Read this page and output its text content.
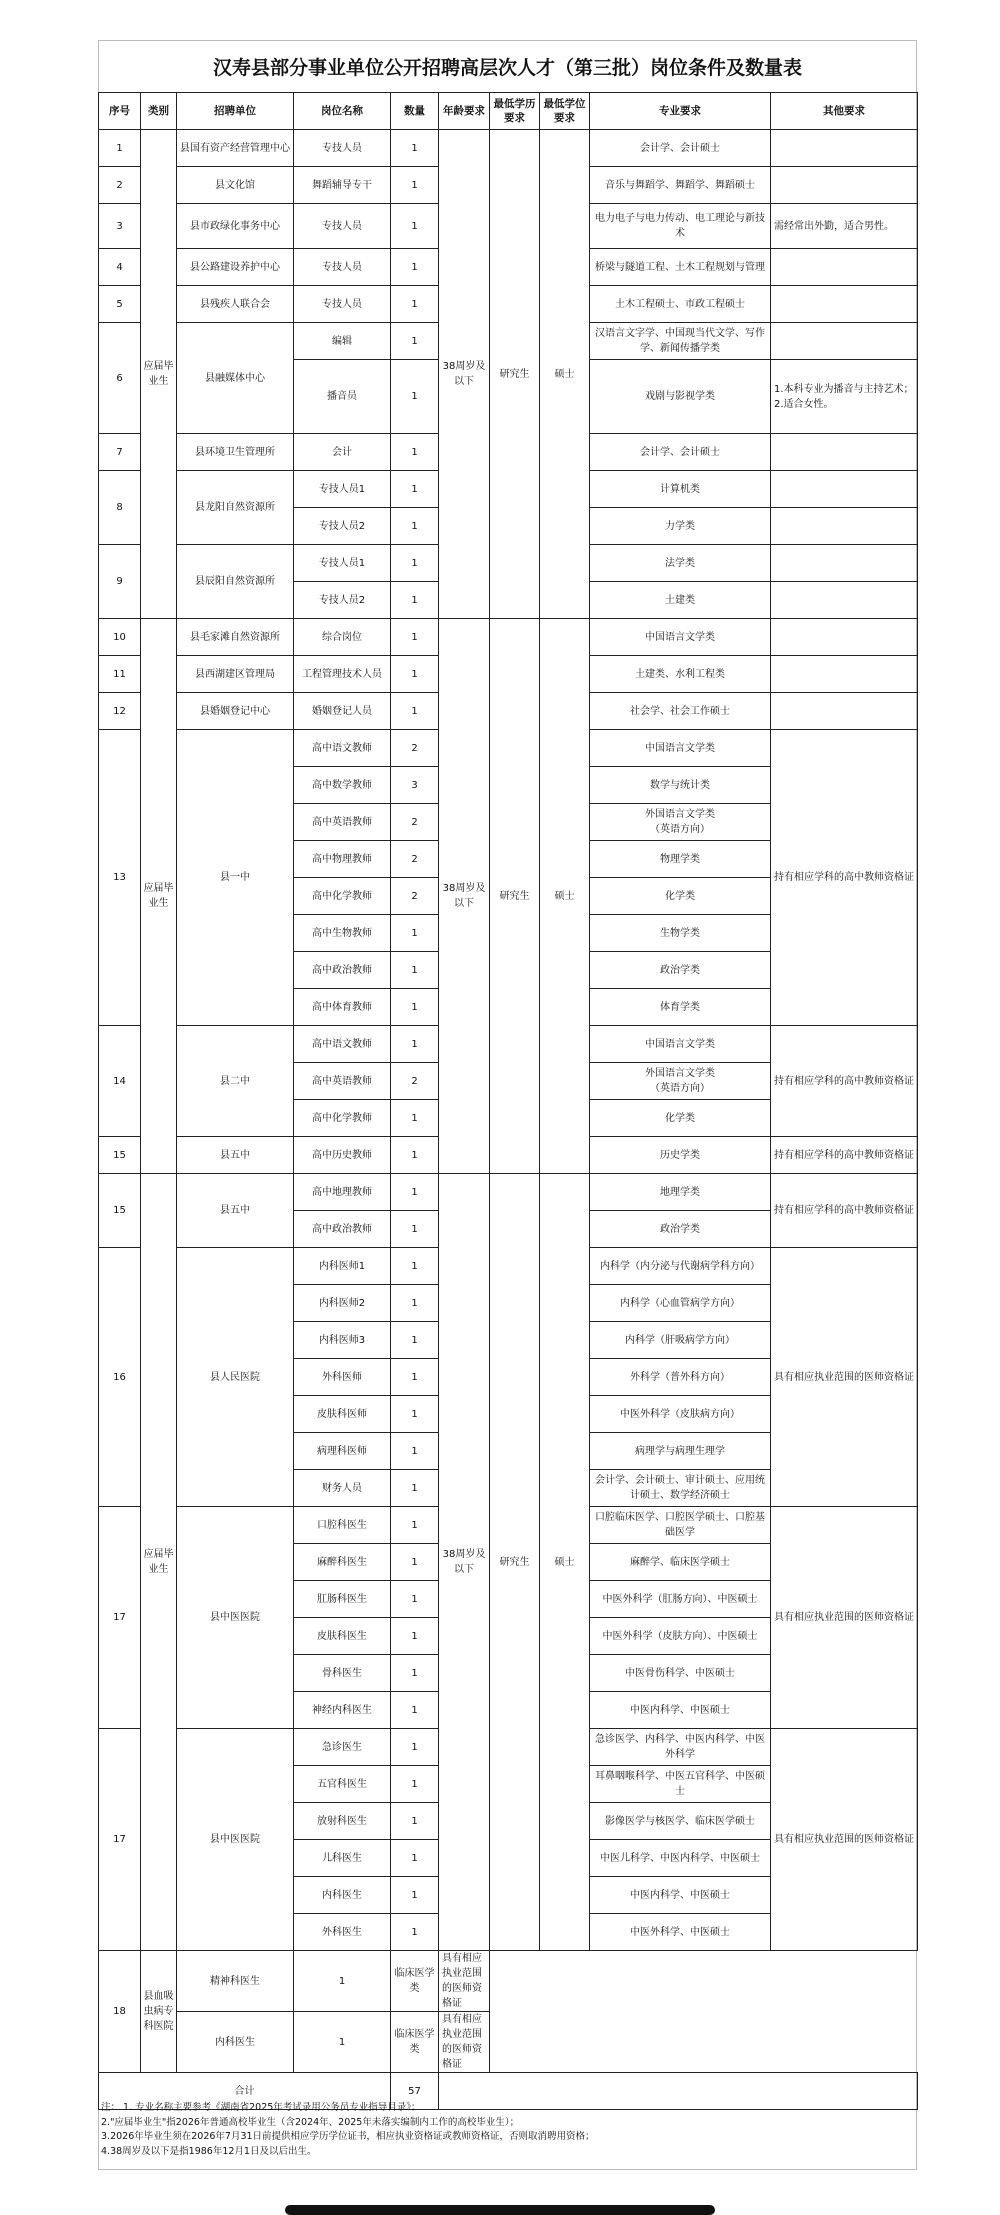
汉寿县部分事业单位公开招聘高层次人才（第三批）岗位条件及数量表
序号	类别	招聘单位	岗位名称	数量	年龄要求	最低学历要求	最低学位要求	专业要求	其他要求
1	应届毕业生	县国有资产经营管理中心	专技人员	1	38周岁及以下	研究生	硕士	会计学、会计硕士	
2		县文化馆	舞蹈辅导专干	1				音乐与舞蹈学、舞蹈学、舞蹈硕士	
3		县市政绿化事务中心	专技人员	1				电力电子与电力传动、电工理论与新技术	需经常出外勤，适合男性。
4		县公路建设养护中心	专技人员	1				桥梁与隧道工程、土木工程规划与管理	
5		县残疾人联合会	专技人员	1				土木工程硕士、市政工程硕士	
6		县融媒体中心	编辑	1				汉语言文字学、中国现当代文学、写作学、新闻传播学类	
			播音员	1				戏剧与影视学类	1.本科专业为播音与主持艺术；
2.适合女性。
7		县环境卫生管理所	会计	1				会计学、会计硕士	
8		县龙阳自然资源所	专技人员1	1				计算机类	
			专技人员2	1				力学类	
9		县辰阳自然资源所	专技人员1	1				法学类	
			专技人员2	1				土建类	
10	应届毕业生	县毛家滩自然资源所	综合岗位	1	38周岁及以下	研究生	硕士	中国语言文学类	
11		县西湖建区管理局	工程管理技术人员	1				土建类、水利工程类	
12		县婚姻登记中心	婚姻登记人员	1				社会学、社会工作硕士	
13		县一中	高中语文教师	2				中国语言文学类	持有相应学科的高中教师资格证
			高中数学教师	3				数学与统计类	
			高中英语教师	2				外国语言文学类
（英语方向）	
			高中物理教师	2				物理学类	
			高中化学教师	2				化学类	
			高中生物教师	1				生物学类	
			高中政治教师	1				政治学类	
			高中体育教师	1				体育学类	
14		县二中	高中语文教师	1				中国语言文学类	持有相应学科的高中教师资格证
			高中英语教师	2				外国语言文学类
（英语方向）	
			高中化学教师	1				化学类	
15		县五中	高中历史教师	1				历史学类	持有相应学科的高中教师资格证
15	应届毕业生	县五中	高中地理教师	1	38周岁及以下	研究生	硕士	地理学类	持有相应学科的高中教师资格证
			高中政治教师	1				政治学类	
16		县人民医院	内科医师1	1				内科学（内分泌与代谢病学科方向）	具有相应执业范围的医师资格证
			内科医师2	1				内科学（心血管病学方向）	
			内科医师3	1				内科学（肝吸病学方向）	
			外科医师	1				外科学（普外科方向）	
			皮肤科医师	1				中医外科学（皮肤病方向）	
			病理科医师	1				病理学与病理生理学	
			财务人员	1				会计学、会计硕士、审计硕士、应用统计硕士、数学经济硕士	
17		县中医医院	口腔科医生	1				口腔临床医学、口腔医学硕士、口腔基础医学	具有相应执业范围的医师资格证
			麻醉科医生	1				麻醉学、临床医学硕士	
			肛肠科医生	1				中医外科学（肛肠方向）、中医硕士	
			皮肤科医生	1				中医外科学（皮肤方向）、中医硕士	
			骨科医生	1				中医骨伤科学、中医硕士	
			神经内科医生	1				中医内科学、中医硕士	
17		县中医医院	急诊医生	1				急诊医学、内科学、中医内科学、中医外科学	具有相应执业范围的医师资格证
			五官科医生	1				耳鼻咽喉科学、中医五官科学、中医硕士	
			放射科医生	1				影像医学与核医学、临床医学硕士	
			儿科医生	1				中医儿科学、中医内科学、中医硕士	
			内科医生	1				中医内科学、中医硕士	
			外科医生	1				中医外科学、中医硕士	
18	县血吸虫病专科医院	精神科医生	1	临床医学类	具有相应执业范围的医师资格证				
		内科医生	1	临床医学类	具有相应执业范围的医师资格证				
合计				57					
注： 1. 专业名称主要参考《湖南省2025年考试录用公务员专业指导目录》；
2."应届毕业生"指2026年普通高校毕业生（含2024年、2025年未落实编制内工作的高校毕业生）；
3.2026年毕业生须在2026年7月31日前提供相应学历学位证书，相应执业资格证或教师资格证，否则取消聘用资格；
4.38周岁及以下是指1986年12月1日及以后出生。
